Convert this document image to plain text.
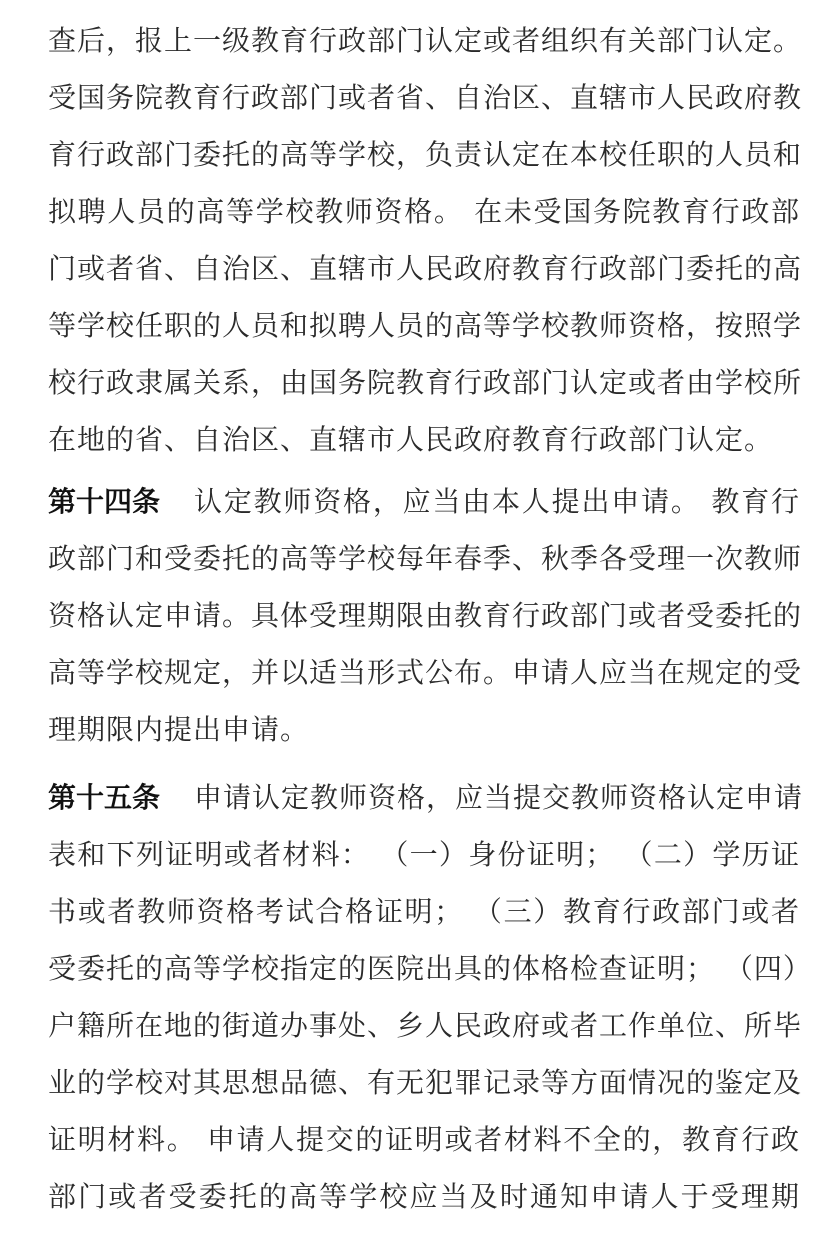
查后，报上一级教育行政部门认定或者组织有关部门认定。
受国务院教育行政部门或者省、自治区、直辖市人民政府教
育行政部门委托的高等学校，负责认定在本校任职的人员和
拟聘人员的高等学校教师资格。 在未受国务院教育行政部
门或者省、自治区、直辖市人民政府教育行政部门委托的高
等学校任职的人员和拟聘人员的高等学校教师资格，按照学
校行政隶属关系，由国务院教育行政部门认定或者由学校所
在地的省、自治区、直辖市人民政府教育行政部门认定。
第十四条 认定教师资格，应当由本人提出申请。 教育行
政部门和受委托的高等学校每年春季、秋季各受理一次教师
资格认定申请。具体受理期限由教育行政部门或者受委托的
高等学校规定，并以适当形式公布。申请人应当在规定的受
理期限内提出申请。
第十五条 申请认定教师资格，应当提交教师资格认定申请
表和下列证明或者材料： （一）身份证明； （二）学历证
书或者教师资格考试合格证明； （三）教育行政部门或者
受委托的高等学校指定的医院出具的体格检查证明； （四）
户籍所在地的街道办事处、乡人民政府或者工作单位、所毕
业的学校对其思想品德、有无犯罪记录等方面情况的鉴定及
证明材料。 申请人提交的证明或者材料不全的，教育行政
部门或者受委托的高等学校应当及时通知申请人于受理期
